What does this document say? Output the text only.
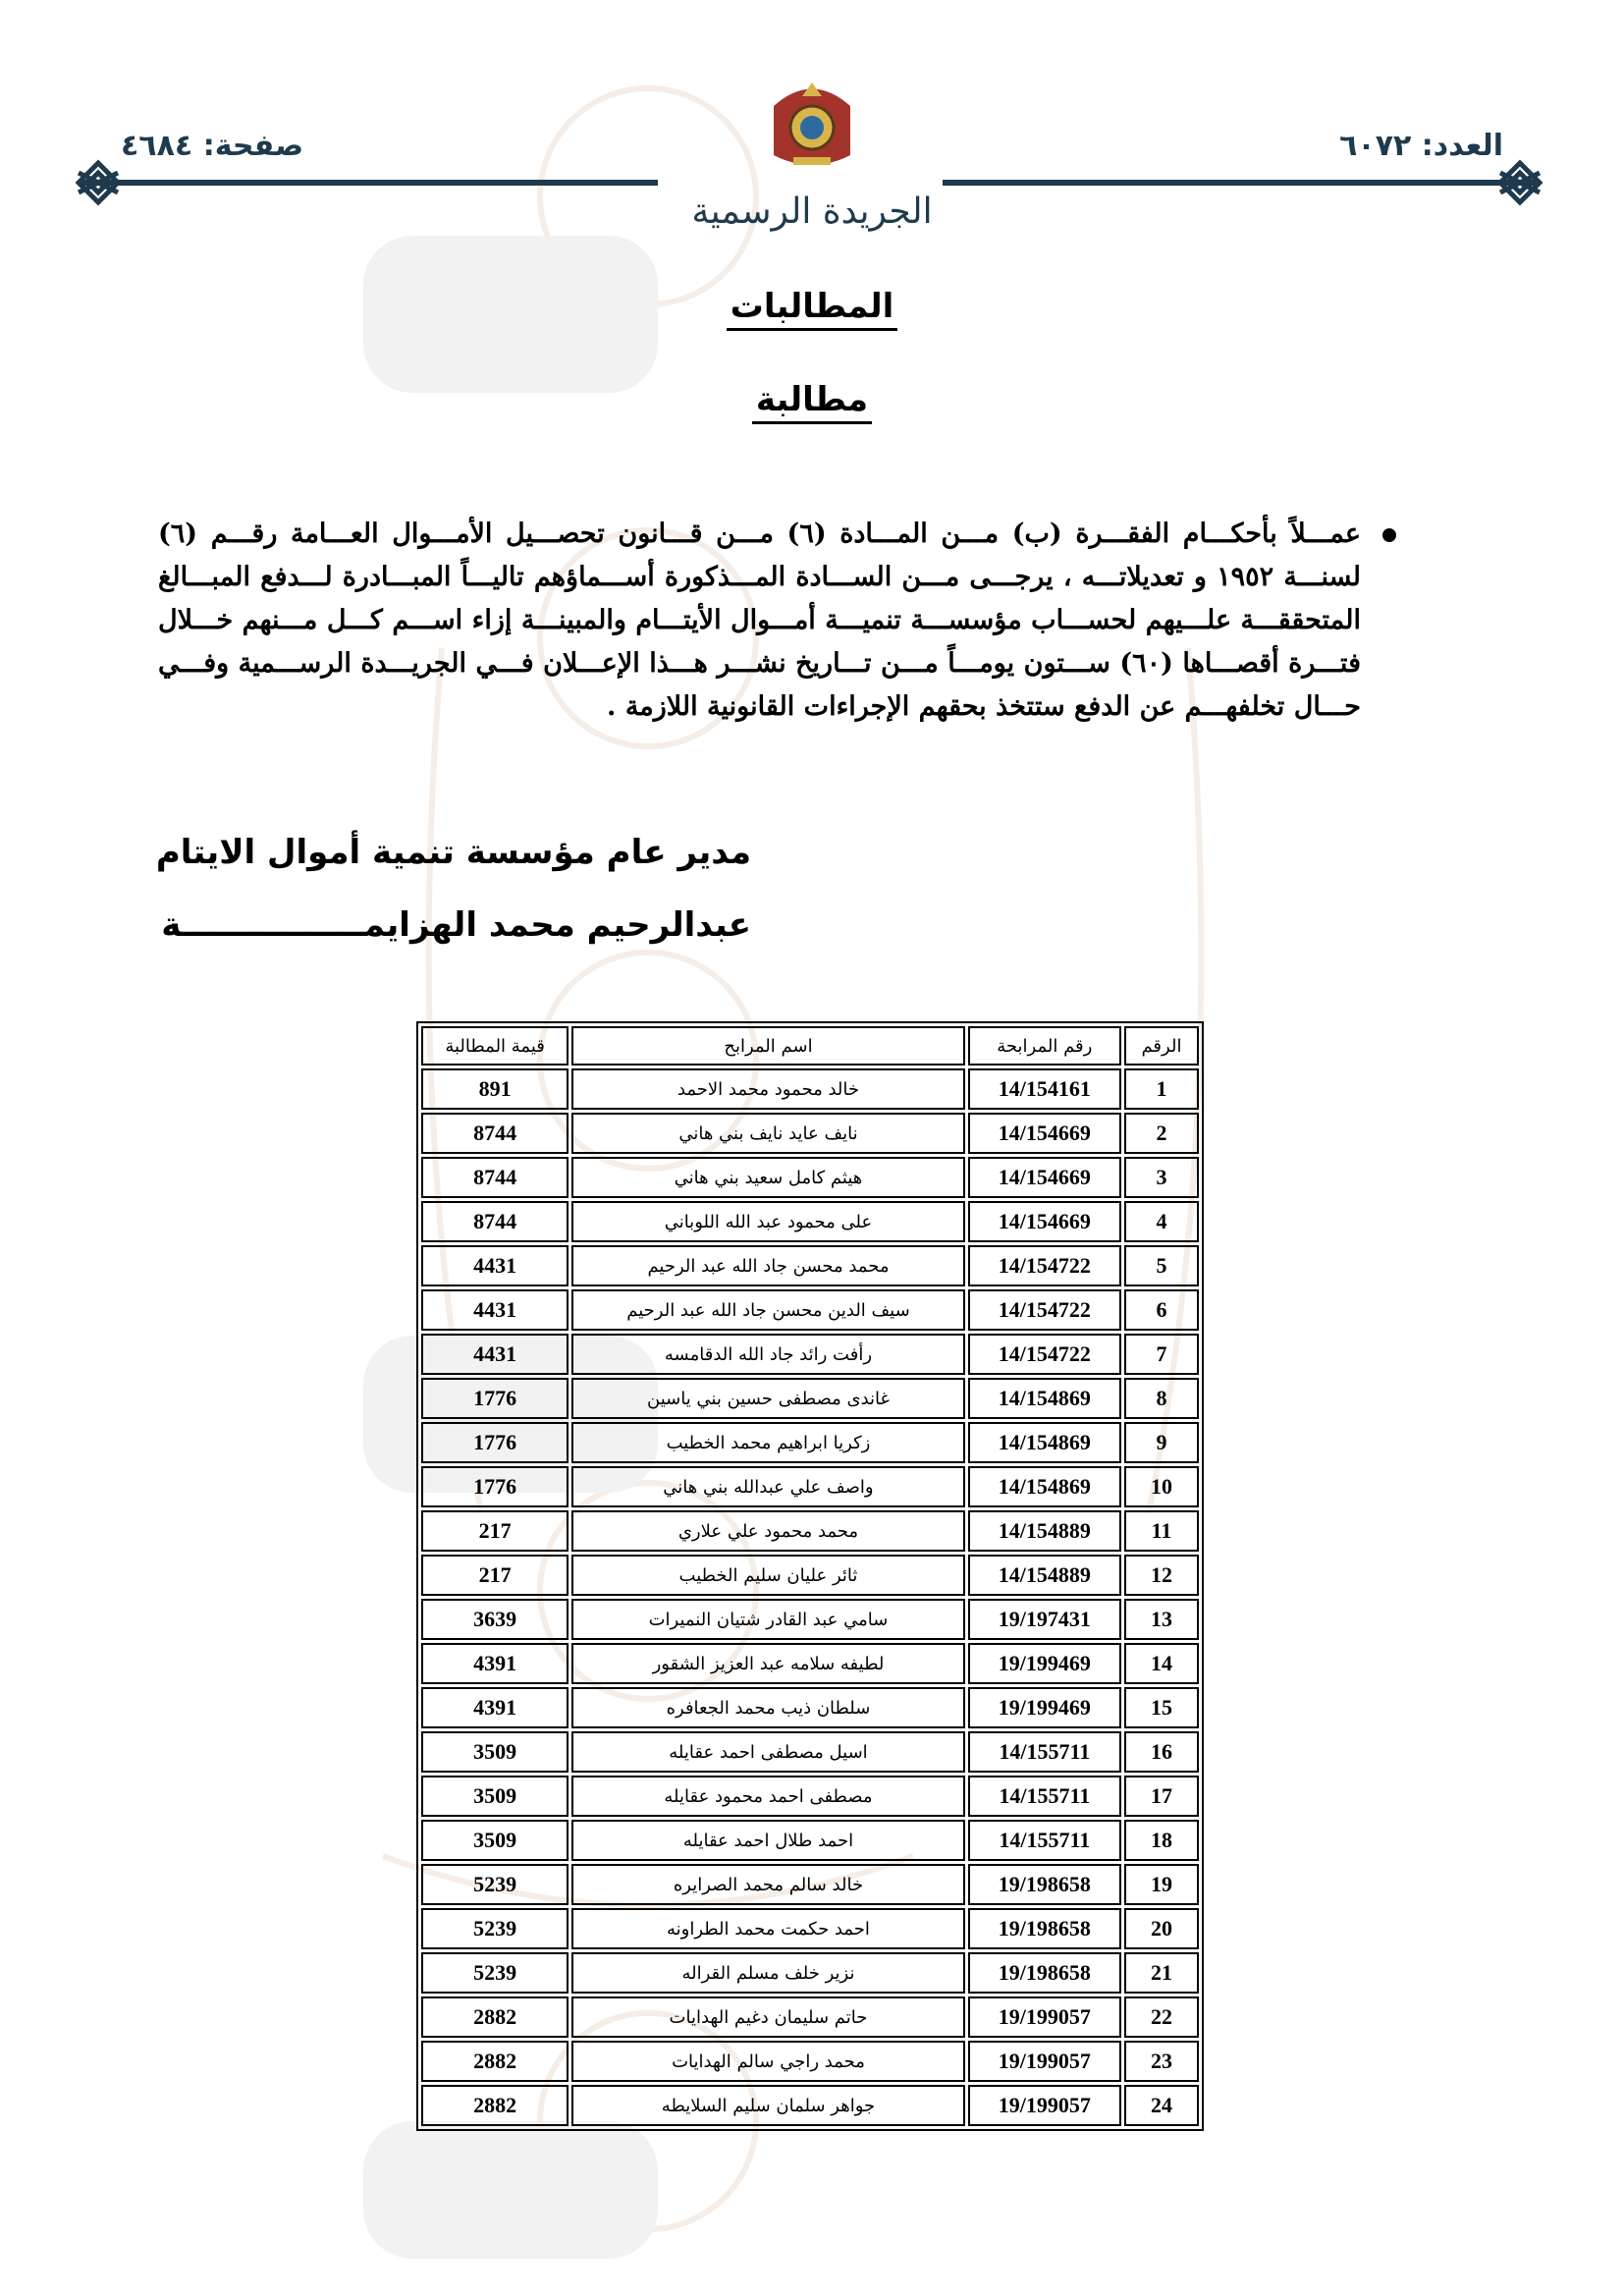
العدد: ٦٠٧٢
صفحة: ٤٦٨٤
الجريدة الرسمية
المطالبات
مطالبة
عمـــلاً بأحكـــام الفقـــرة (ب) مـــن المـــادة (٦) مـــن قـــانون تحصـــيل الأمـــوال العـــامة رقـــم (٦) لسنـــة ١٩٥٢ و تعديلاتـــه ، يرجـــى مـــن الســـادة المـــذكورة أســـماؤهم تاليـــاً المبـــادرة لـــدفع المبـــالغ المتحققـــة علـــيهم لحســـاب مؤسســـة تنميـــة أمـــوال الأيتـــام والمبينـــة إزاء اســـم كـــل مـــنهم خـــلال فتـــرة أقصـــاها (٦٠) ســـتون يومـــاً مـــن تـــاريخ نشـــر هـــذا الإعـــلان فـــي الجريـــدة الرســـمية وفـــي حـــال تخلفهـــم عن الدفع ستتخذ بحقهم الإجراءات القانونية اللازمة .
مدير عام مؤسسة تنمية أموال الايتام
عبدالرحيم محمد الهزايمــــــــــــــــة
الرقم	رقم المرابحة	اسم المرابح	قيمة المطالبة
1	14/154161	خالد محمود محمد الاحمد	891
2	14/154669	نايف عايد نايف بني هاني	8744
3	14/154669	هيثم كامل سعيد بني هاني	8744
4	14/154669	على محمود عبد الله اللوباني	8744
5	14/154722	محمد محسن جاد الله عبد الرحيم	4431
6	14/154722	سيف الدين محسن جاد الله عبد الرحيم	4431
7	14/154722	رأفت رائد جاد الله الدقامسه	4431
8	14/154869	غاندى مصطفى حسين بني ياسين	1776
9	14/154869	زكريا ابراهيم محمد الخطيب	1776
10	14/154869	واصف علي عبدالله بني هاني	1776
11	14/154889	محمد محمود علي علاري	217
12	14/154889	ثائر عليان سليم الخطيب	217
13	19/197431	سامي عبد القادر شتيان النميرات	3639
14	19/199469	لطيفه سلامه عبد العزيز الشقور	4391
15	19/199469	سلطان ذيب محمد الجعافره	4391
16	14/155711	اسيل مصطفى احمد عقايله	3509
17	14/155711	مصطفى احمد محمود عقايله	3509
18	14/155711	احمد طلال احمد عقايله	3509
19	19/198658	خالد سالم محمد الصرايره	5239
20	19/198658	احمد حكمت محمد الطراونه	5239
21	19/198658	نزير خلف مسلم القراله	5239
22	19/199057	حاتم سليمان دغيم الهدايات	2882
23	19/199057	محمد راجي سالم الهدايات	2882
24	19/199057	جواهر سلمان سليم السلايطه	2882
